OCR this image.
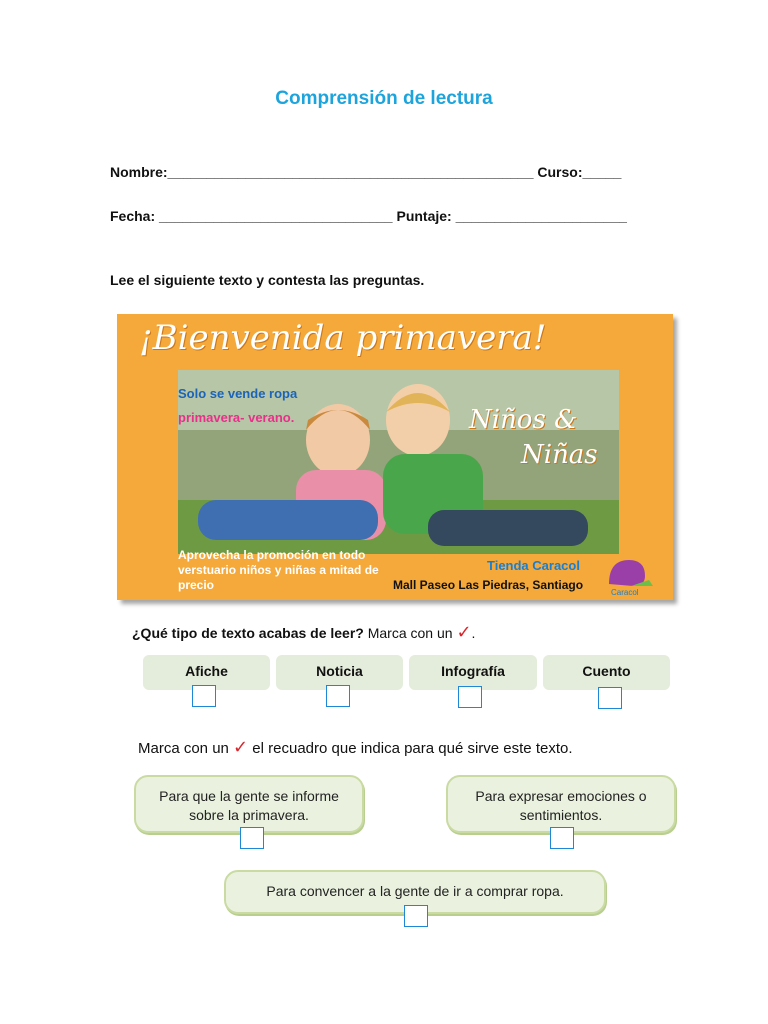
Comprensión de lectura
Nombre:_______________________________________________ Curso:_____
Fecha: ______________________________ Puntaje: ______________________
Lee el siguiente texto y contesta las preguntas.
¡Bienvenida primavera!
Solo se vende ropa
primavera- verano.	Niños &
Niñas
Aprovecha la promoción en todo verstuario niños y niñas a mitad de precio
Tienda Caracol
Mall Paseo Las Piedras, Santiago
Caracol
¿Qué tipo de texto acabas de leer? Marca con un ✓.
Afiche	Noticia	Infografía	Cuento
Marca con un ✓ el recuadro que indica para qué sirve este texto.
Para que la gente se informe sobre la primavera.
Para expresar emociones o sentimientos.
Para convencer a la gente de ir a comprar ropa.
